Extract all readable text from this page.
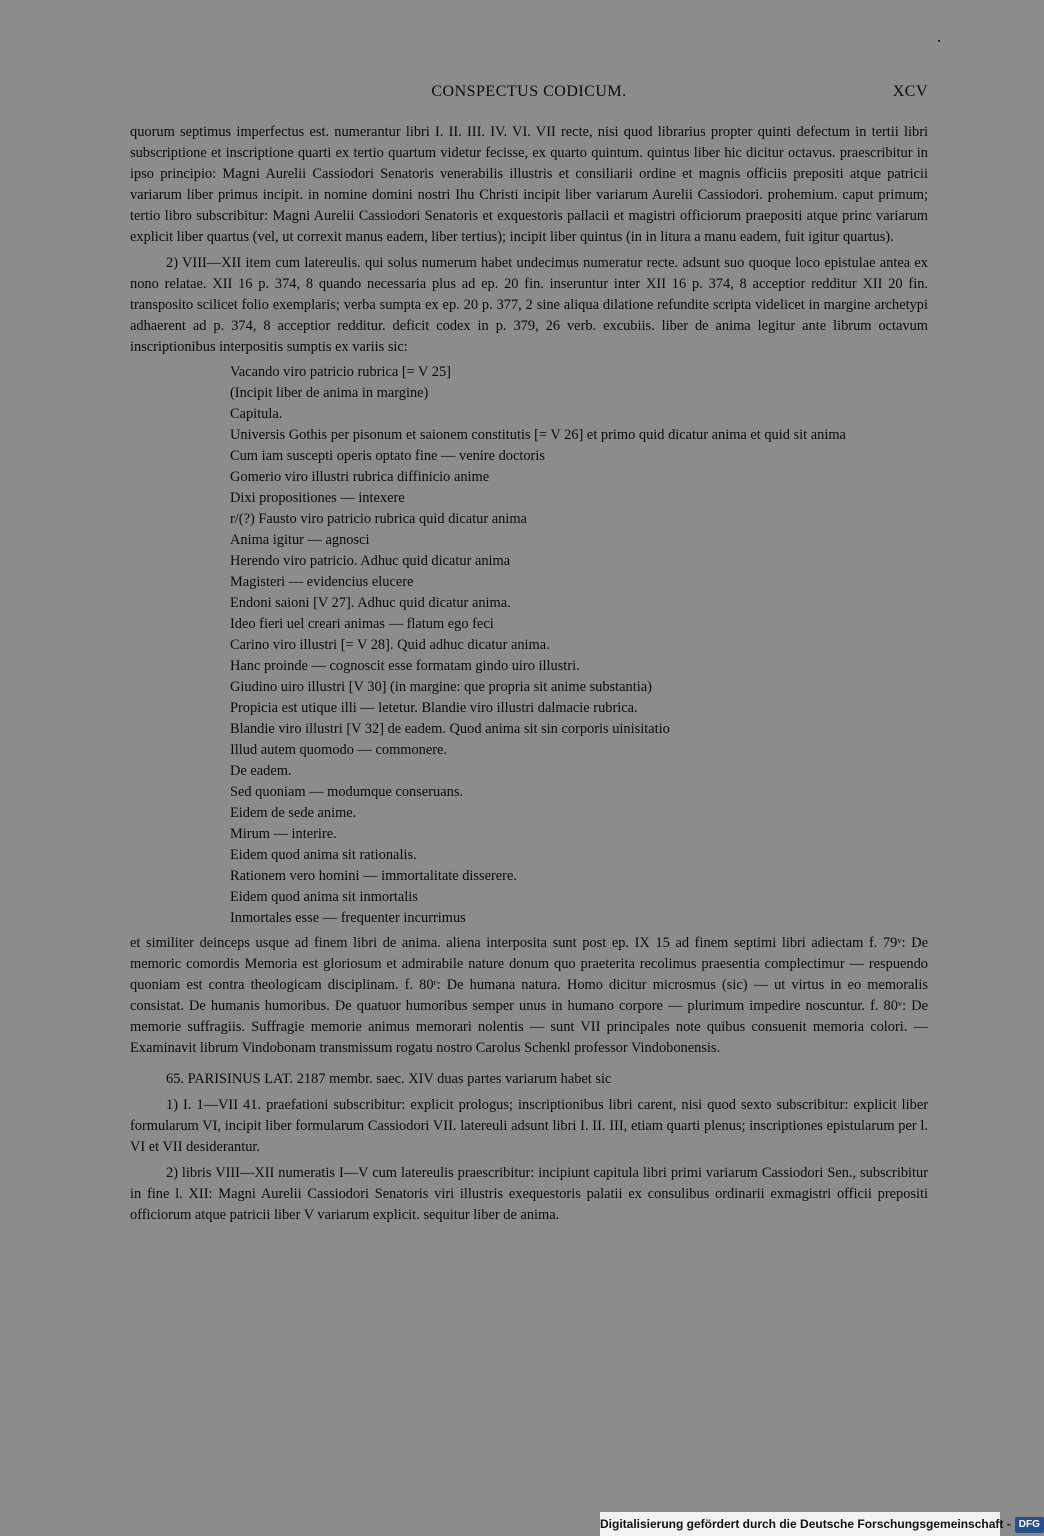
CONSPECTUS CODICUM.	XCV

quorum septimus imperfectus est. numerantur libri I. II. III. IV. VI. VII recte, nisi quod librarius propter quinti defectum in tertii libri subscriptione et inscriptione quarti ex tertio quartum videtur fecisse, ex quarto quintum. quintus liber hic dicitur octavus. praescribitur in ipso principio: Magni Aurelii Cassiodori Senatoris venerabilis illustris et consiliarii ordine et magnis officiis prepositi atque patricii variarum liber primus incipit. in nomine domini nostri Ihu Christi incipit liber variarum Aurelii Cassiodori. prohemium. caput primum; tertio libro subscribitur: Magni Aurelii Cassiodori Senatoris et exquestoris pallacii et magistri officiorum praepositi atque princ variarum explicit liber quartus (vel, ut correxit manus eadem, liber tertius); incipit liber quintus (in in litura a manu eadem, fuit igitur quartus).

2) VIII—XII item cum latereulis. qui solus numerum habet undecimus numeratur recte. adsunt suo quoque loco epistulae antea ex nono relatae. XII 16 p. 374, 8 quando necessaria plus ad ep. 20 fin. inseruntur inter XII 16 p. 374, 8 acceptior redditur XII 20 fin. transposito scilicet folio exemplaris; verba sumpta ex ep. 20 p. 377, 2 sine aliqua dilatione refundite scripta videlicet in margine archetypi adhaerent ad p. 374, 8 acceptior redditur. deficit codex in p. 379, 26 verb. excubiis. liber de anima legitur ante librum octavum inscriptionibus interpositis sumptis ex variis sic:

Vacando viro patricio rubrica [= V 25]
(Incipit liber de anima in margine)
Capitula.
Universis Gothis per pisonum et saionem constitutis [= V 26] et primo quid dicatur anima et quid sit anima
Cum iam suscepti operis optato fine — venire doctoris
Gomerio viro illustri rubrica diffinicio anime
Dixi propositiones — intexere
r/(?) Fausto viro patricio rubrica quid dicatur anima
Anima igitur — agnosci
Herendo viro patricio. Adhuc quid dicatur anima
Magisteri — evidencius elucere
Endoni saioni [V 27]. Adhuc quid dicatur anima.
Ideo fieri uel creari animas — flatum ego feci
Carino viro illustri [= V 28]. Quid adhuc dicatur anima.
Hanc proinde — cognoscit esse formatam gindo uiro illustri.
Giudino uiro illustri [V 30] (in margine: que propria sit anime substantia)
Propicia est utique illi — letetur. Blandie viro illustri dalmacie rubrica.
Blandie viro illustri [V 32] de eadem. Quod anima sit sin corporis uinisitatio
Illud autem quomodo — commonere.
De eadem.
Sed quoniam — modumque conseruans.
Eidem de sede anime.
Mirum — interire.
Eidem quod anima sit rationalis.
Rationem vero homini — immortalitate disserere.
Eidem quod anima sit inmortalis
Inmortales esse — frequenter incurrimus

et similiter deinceps usque ad finem libri de anima. aliena interposita sunt post ep. IX 15 ad finem septimi libri adiectam f. 79ᵛ: De memoric comordis Memoria est gloriosum et admirabile nature donum quo praeterita recolimus praesentia complectimur — respuendo quoniam est contra theologicam disciplinam. f. 80ʳ: De humana natura. Homo dicitur microsmus (sic) — ut virtus in eo memoralis consistat. De humanis humoribus. De quatuor humoribus semper unus in humano corpore — plurimum impedire noscuntur. f. 80ᵛ: De memorie suffragiis. Suffragie memorie animus memorari nolentis — sunt VII principales note quibus consuenit memoria colori. — Examinavit librum Vindobonam transmissum rogatu nostro Carolus Schenkl professor Vindobonensis.

65. PARISINUS LAT. 2187 membr. saec. XIV duas partes variarum habet sic

1) I. 1—VII 41. praefationi subscribitur: explicit prologus; inscriptionibus libri carent, nisi quod sexto subscribitur: explicit liber formularum VI, incipit liber formularum Cassiodori VII. latereuli adsunt libri I. II. III, etiam quarti plenus; inscriptiones epistularum per l. VI et VII desiderantur.

2) libris VIII—XII numeratis I—V cum latereulis praescribitur: incipiunt capitula libri primi variarum Cassiodori Sen., subscribitur in fine l. XII: Magni Aurelii Cassiodori Senatoris viri illustris exequestoris palatii ex consulibus ordinarii exmagistri officii prepositi officiorum atque patricii liber V variarum explicit. sequitur liber de anima.

Digitalisierung gefördert durch die Deutsche Forschungsgemeinschaft - DFG
